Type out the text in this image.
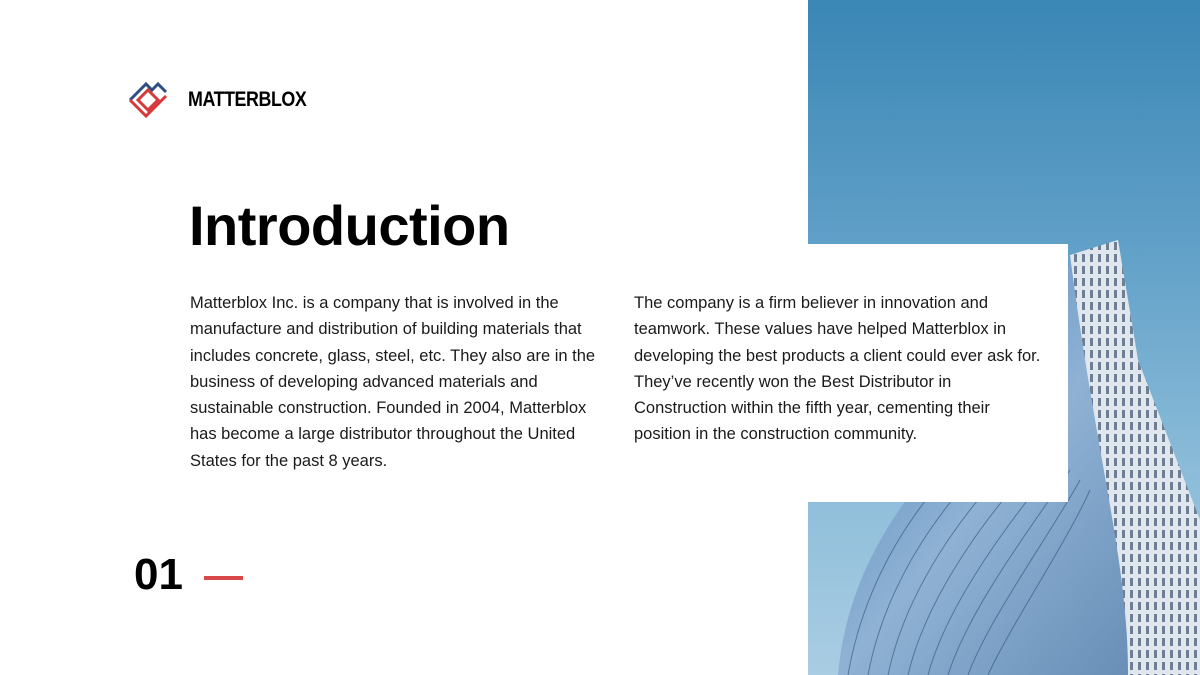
MATTERBLOX
Introduction
Matterblox Inc. is a company that is involved in the manufacture and distribution of building materials that includes concrete, glass, steel, etc. They also are in the business of developing advanced materials and sustainable construction. Founded in 2004, Matterblox has become a large distributor throughout the United States for the past 8 years.
The company is a firm believer in innovation and teamwork. These values have helped Matterblox in developing the best products a client could ever ask for. They’ve recently won the Best Distributor in Construction within the fifth year, cementing their position in the construction community.
01
